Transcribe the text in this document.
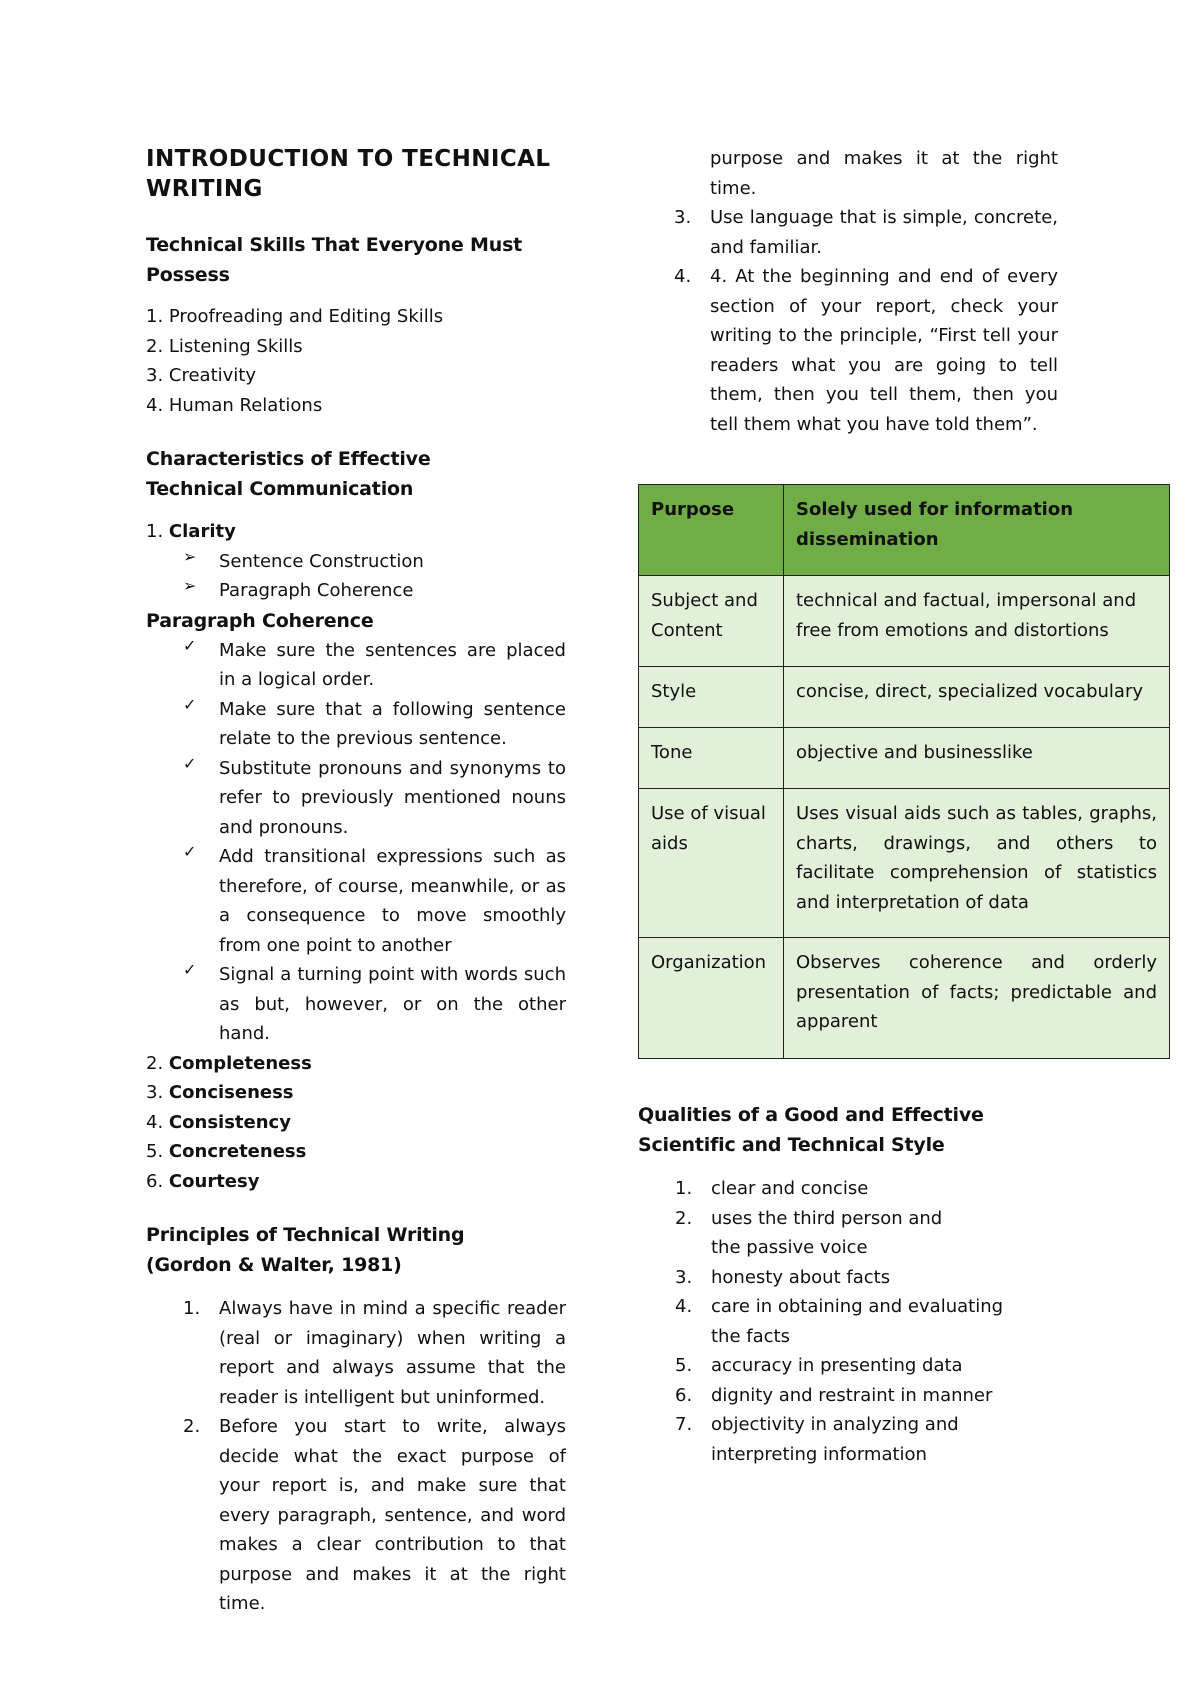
INTRODUCTION TO TECHNICAL WRITING

Technical Skills That Everyone Must Possess

1. Proofreading and Editing Skills
2. Listening Skills
3. Creativity
4. Human Relations

Characteristics of Effective Technical Communication

1. Clarity
➢	Sentence Construction
➢	Paragraph Coherence

Paragraph Coherence

✓	Make sure the sentences are placed in a logical order.
✓	Make sure that a following sentence relate to the previous sentence.
✓	Substitute pronouns and synonyms to refer to previously mentioned nouns and pronouns.
✓	Add transitional expressions such as therefore, of course, meanwhile, or as a consequence to move smoothly from one point to another
✓	Signal a turning point with words such as but, however, or on the other hand.
2. Completeness
3. Conciseness
4. Consistency
5. Concreteness
6. Courtesy

Principles of Technical Writing (Gordon & Walter, 1981)

1.	Always have in mind a specific reader (real or imaginary) when writing a report and always assume that the reader is intelligent but uninformed.
2.	Before you start to write, always decide what the exact purpose of your report is, and make sure that every paragraph, sentence, and word makes a clear contribution to that purpose and makes it at the right time.
purpose and makes it at the right time.
3.	Use language that is simple, concrete, and familiar.
4.	4. At the beginning and end of every section of your report, check your writing to the principle, “First tell your readers what you are going to tell them, then you tell them, then you tell them what you have told them”.
Purpose	Solely used for information dissemination
Subject and Content	technical and factual, impersonal and free from emotions and distortions
Style	concise, direct, specialized vocabulary
Tone	objective and businesslike
Use of visual aids	Uses visual aids such as tables, graphs, charts, drawings, and others to facilitate comprehension of statistics and interpretation of data
Organization	Observes coherence and orderly presentation of facts; predictable and apparent

Qualities of a Good and Effective Scientific and Technical Style

1.	clear and concise
2.	uses the third person and the passive voice
3.	honesty about facts
4.	care in obtaining and evaluating the facts
5.	accuracy in presenting data
6.	dignity and restraint in manner
7.	objectivity in analyzing and interpreting information
